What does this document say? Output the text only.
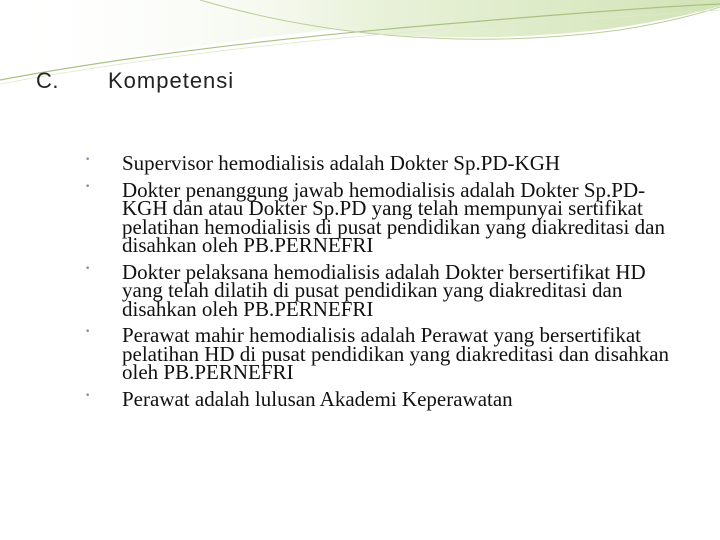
C. Kompetensi
• Supervisor hemodialisis adalah Dokter Sp.PD-KGH
• Dokter penanggung jawab hemodialisis adalah Dokter Sp.PD-KGH dan atau Dokter Sp.PD yang telah mempunyai sertifikat pelatihan hemodialisis di pusat pendidikan yang diakreditasi dan disahkan oleh PB.PERNEFRI
• Dokter pelaksana hemodialisis adalah Dokter bersertifikat HD yang telah dilatih di pusat pendidikan yang diakreditasi dan disahkan oleh PB.PERNEFRI
• Perawat mahir hemodialisis adalah Perawat yang bersertifikat pelatihan HD di pusat pendidikan yang diakreditasi dan disahkan oleh PB.PERNEFRI
• Perawat adalah lulusan Akademi Keperawatan
